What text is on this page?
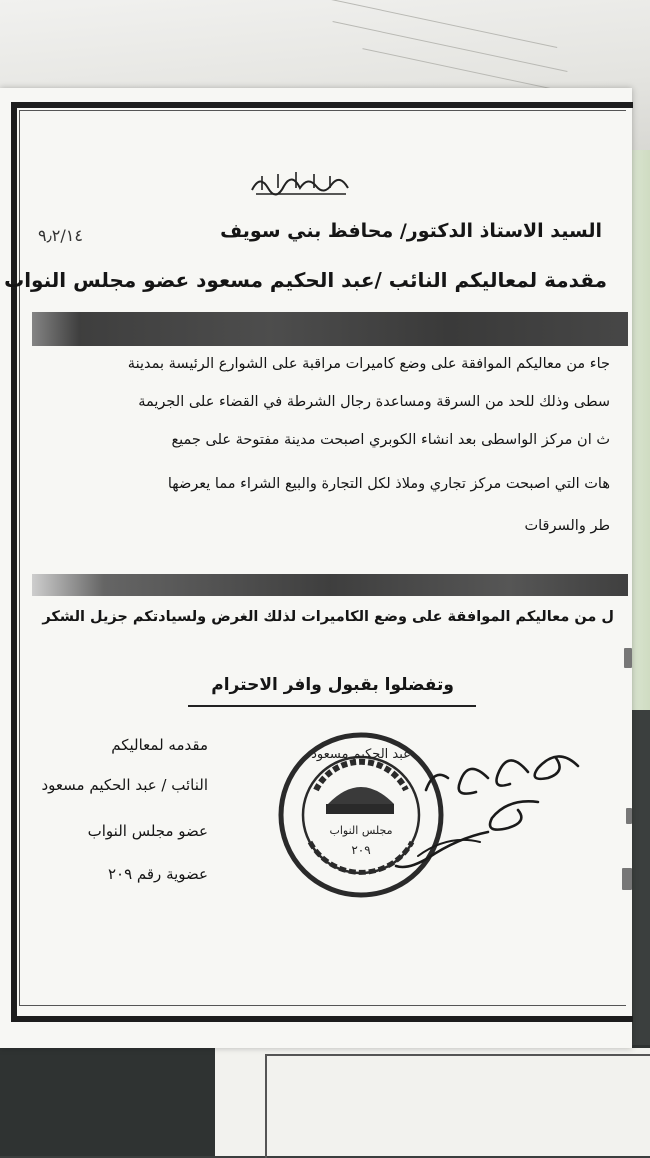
السيد الاستاذ الدكتور/ محافظ بني سويف
٩٫٢/١٤
مقدمة لمعاليكم النائب /عبد الحكيم مسعود عضو مجلس النواب
جاء من معاليكم الموافقة على وضع كاميرات مراقبة على الشوارع الرئيسة بمدينة
سطى وذلك للحد من السرقة ومساعدة رجال الشرطة في القضاء على الجريمة
ث ان مركز الواسطى بعد انشاء الكوبري اصبحت مدينة مفتوحة على جميع
هات التي اصبحت مركز تجاري وملاذ لكل التجارة والبيع الشراء مما يعرضها
طر والسرقات
ل من معاليكم الموافقة على وضع الكاميرات لذلك الغرض ولسيادتكم جزيل الشكر
وتفضلوا بقبول وافر الاحترام
مقدمه لمعاليكم
النائب / عبد الحكيم مسعود
عضو مجلس النواب
عضوية رقم ٢٠٩
مجلس النواب
٢٠٩
عبد الحكيم مسعود
